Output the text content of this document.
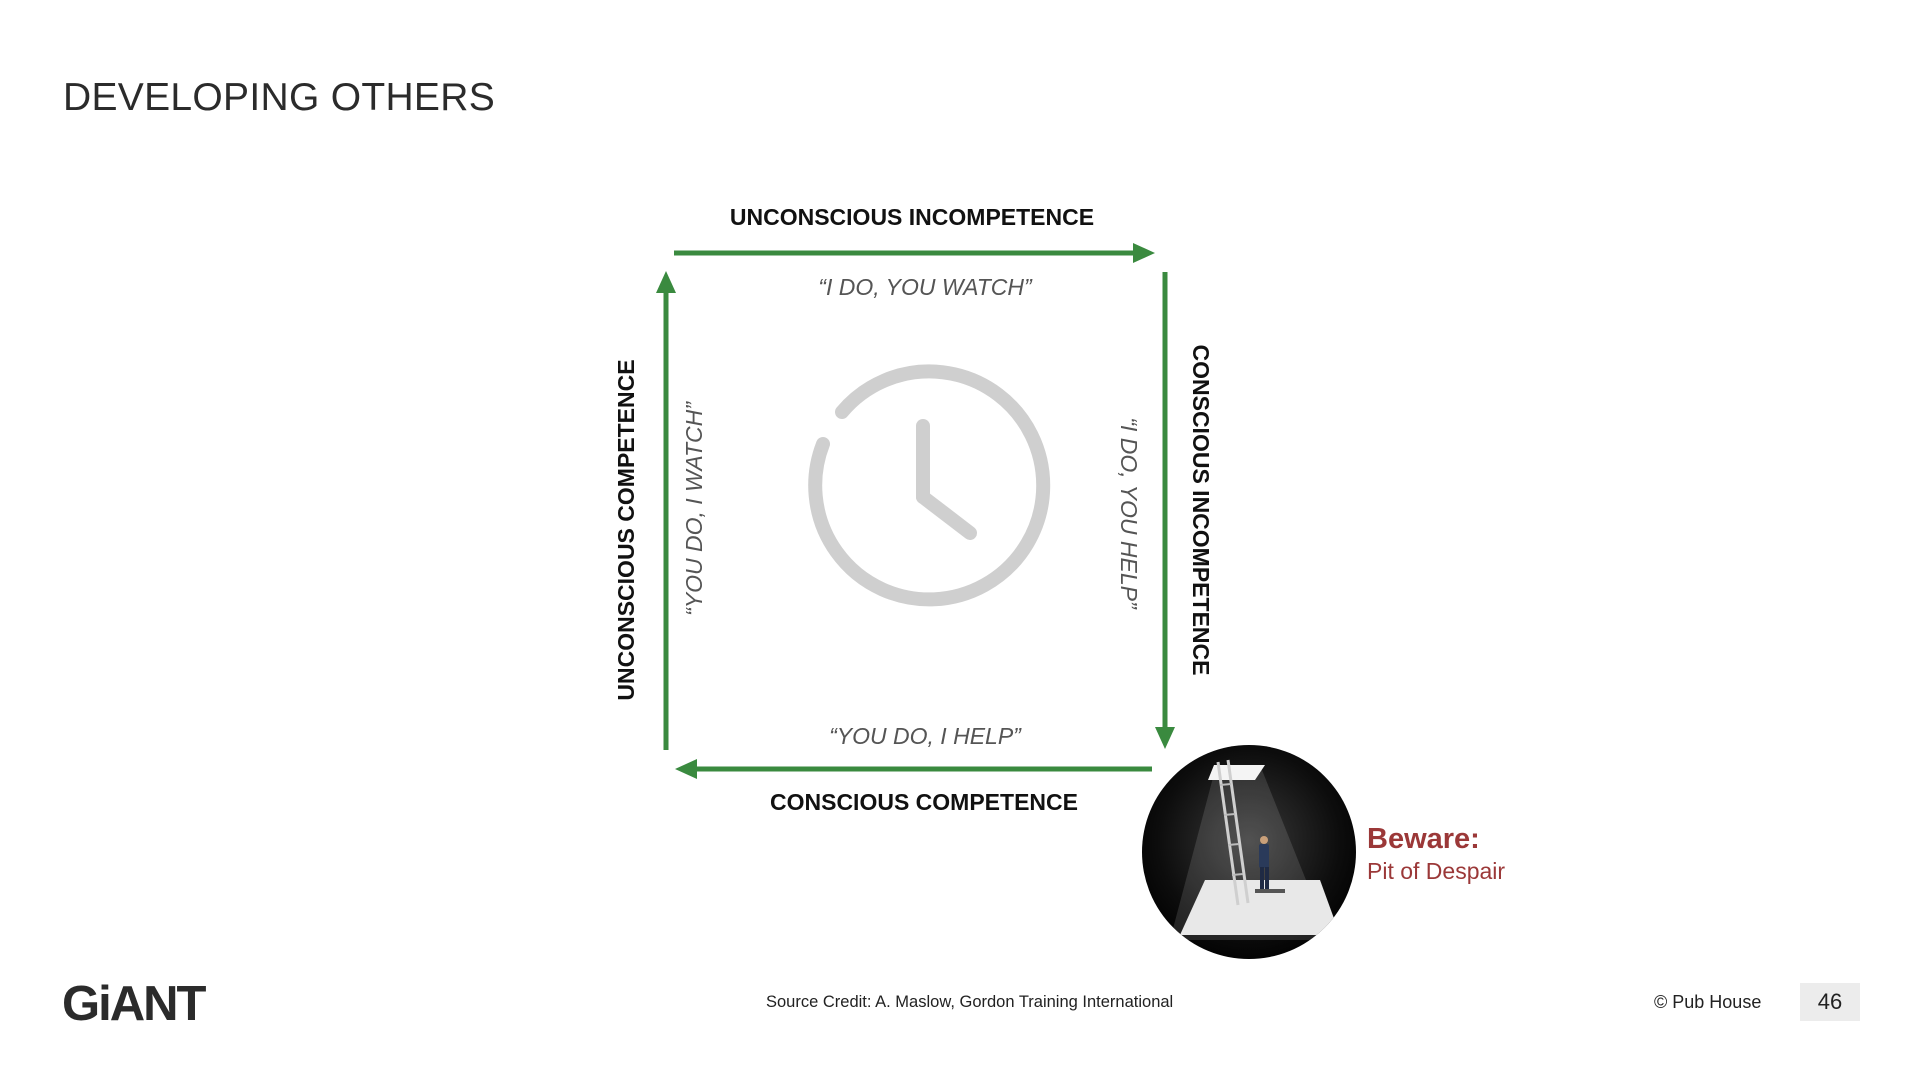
DEVELOPING OTHERS
UNCONSCIOUS INCOMPETENCE
CONSCIOUS COMPETENCE
CONSCIOUS INCOMPETENCE
UNCONSCIOUS COMPETENCE
“I DO, YOU WATCH”
“YOU DO, I HELP”
“I DO, YOU HELP”
“YOU DO, I WATCH”
Beware:
Pit of Despair
GiANT	Source Credit: A. Maslow, Gordon Training International	© Pub House	46
